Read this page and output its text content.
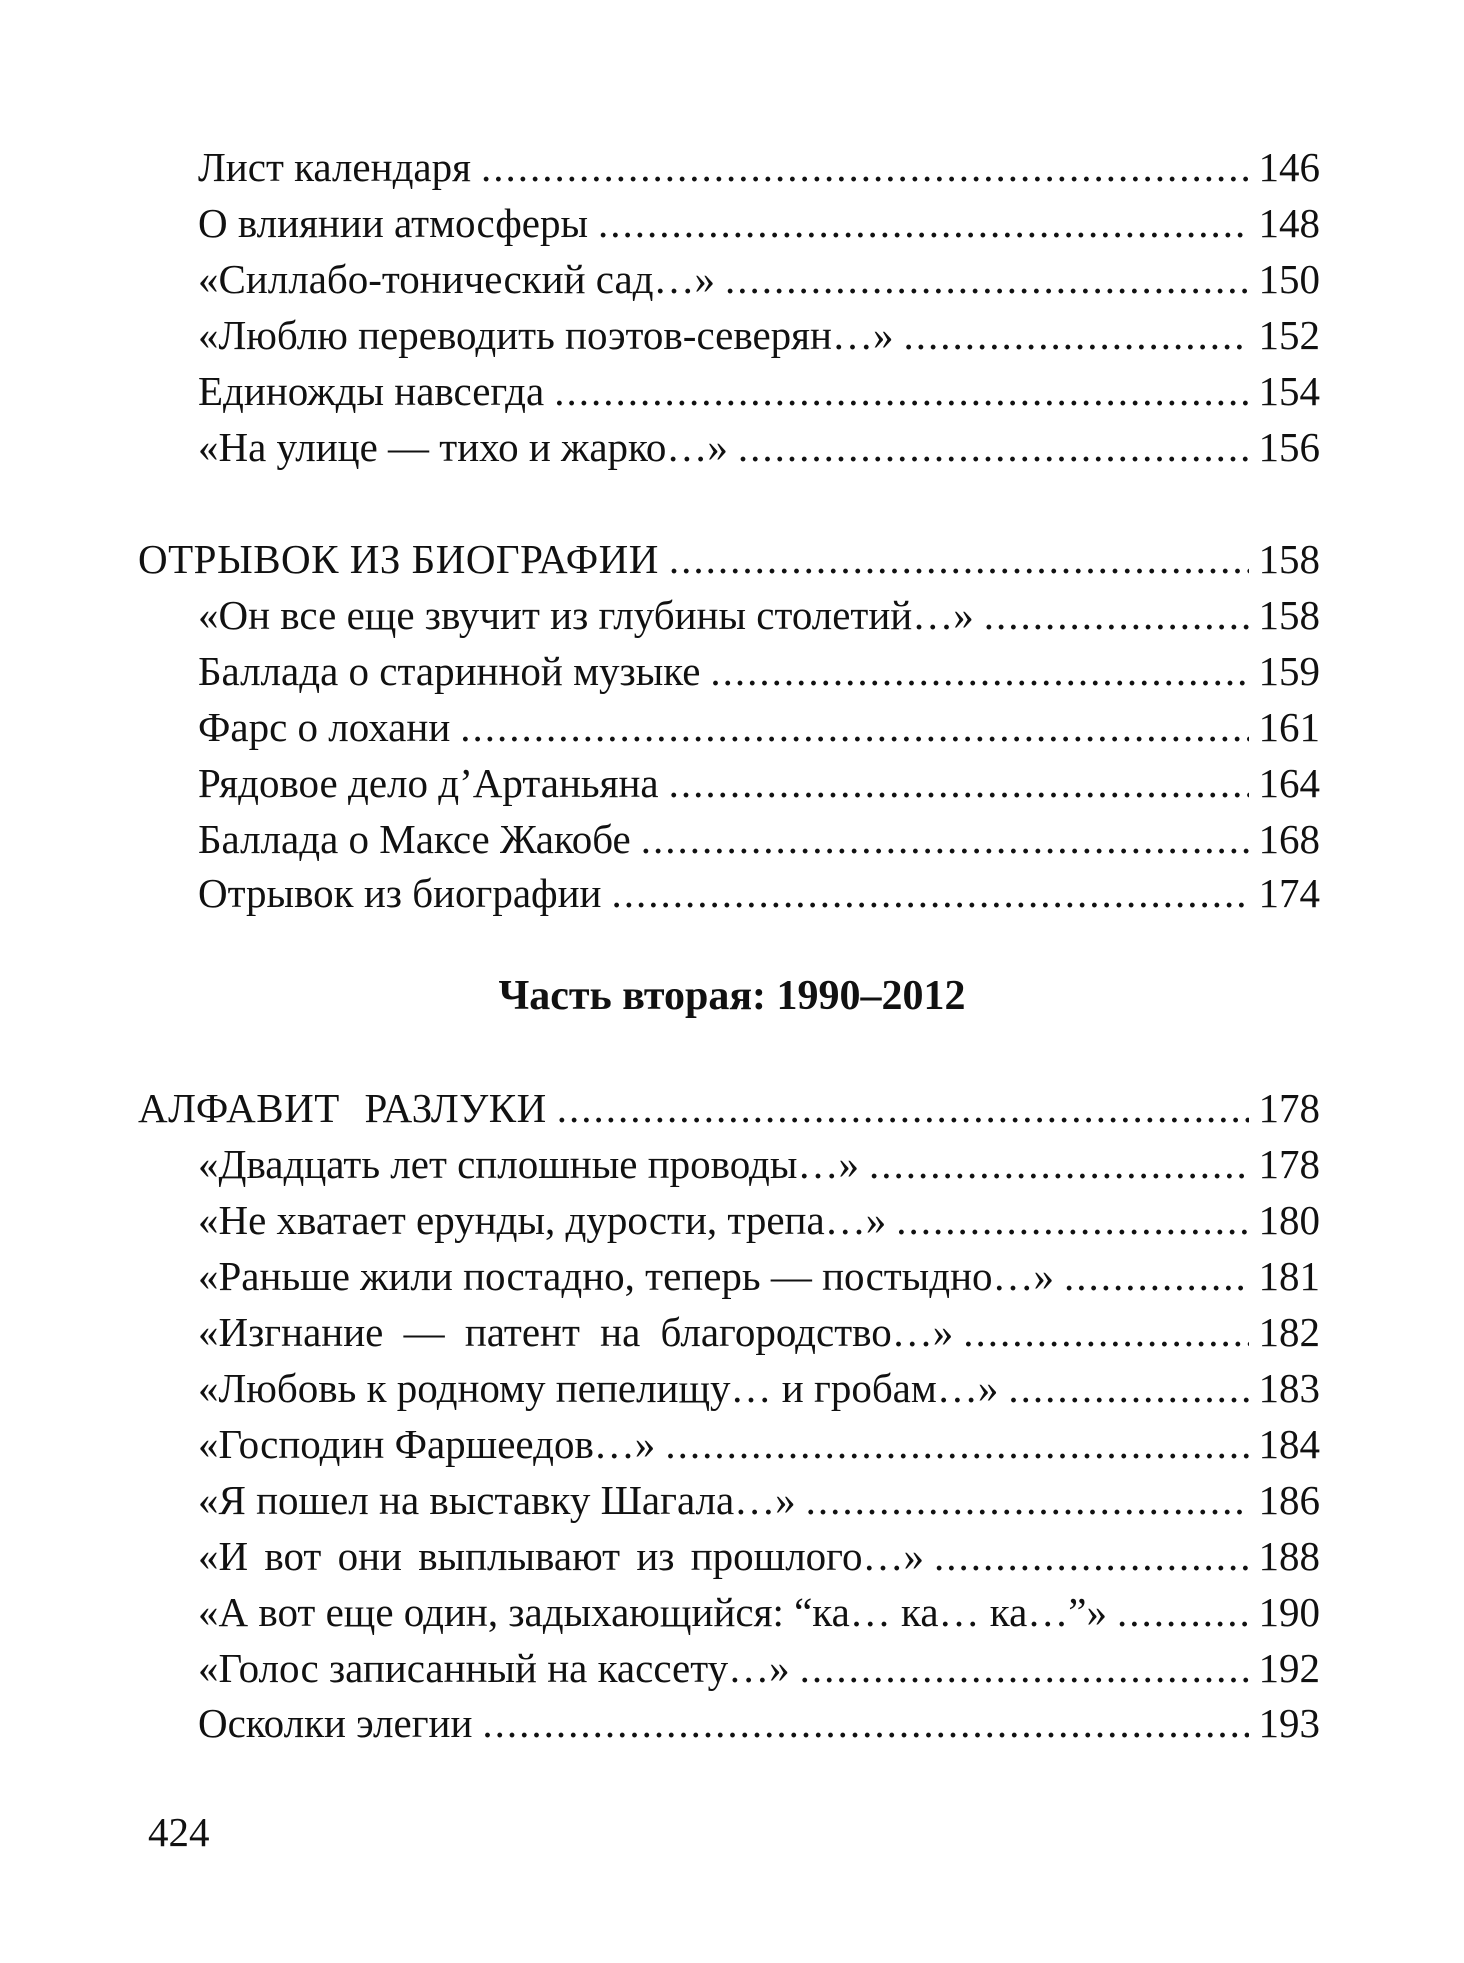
Лист календаря .....	146
О влиянии атмосферы .....	148
«Силлабо-тонический сад…» .....	150
«Люблю переводить поэтов-северян…» .....	152
Единожды навсегда .....	154
«На улице — тихо и жарко…» .....	156
ОТРЫВОК ИЗ БИОГРАФИИ .....	158
«Он все еще звучит из глубины столетий…» .....	158
Баллада о старинной музыке .....	159
Фарс о лохани .....	161
Рядовое дело д’Артаньяна .....	164
Баллада о Максе Жакобе .....	168
Отрывок из биографии .....	174
Часть вторая: 1990–2012
АЛФАВИТ РАЗЛУКИ .....	178
«Двадцать лет сплошные проводы…» .....	178
«Не хватает ерунды, дурости, трепа…» .....	180
«Раньше жили постадно, теперь — постыдно…» .....	181
«Изгнание — патент на благородство…» .....	182
«Любовь к родному пепелищу… и гробам…» .....	183
«Господин Фаршеедов…» .....	184
«Я пошел на выставку Шагала…» .....	186
«И вот они выплывают из прошлого…» .....	188
«А вот еще один, задыхающийся: “ка… ка… ка…”» .....	190
«Голос записанный на кассету…» .....	192
Осколки элегии .....	193
424
